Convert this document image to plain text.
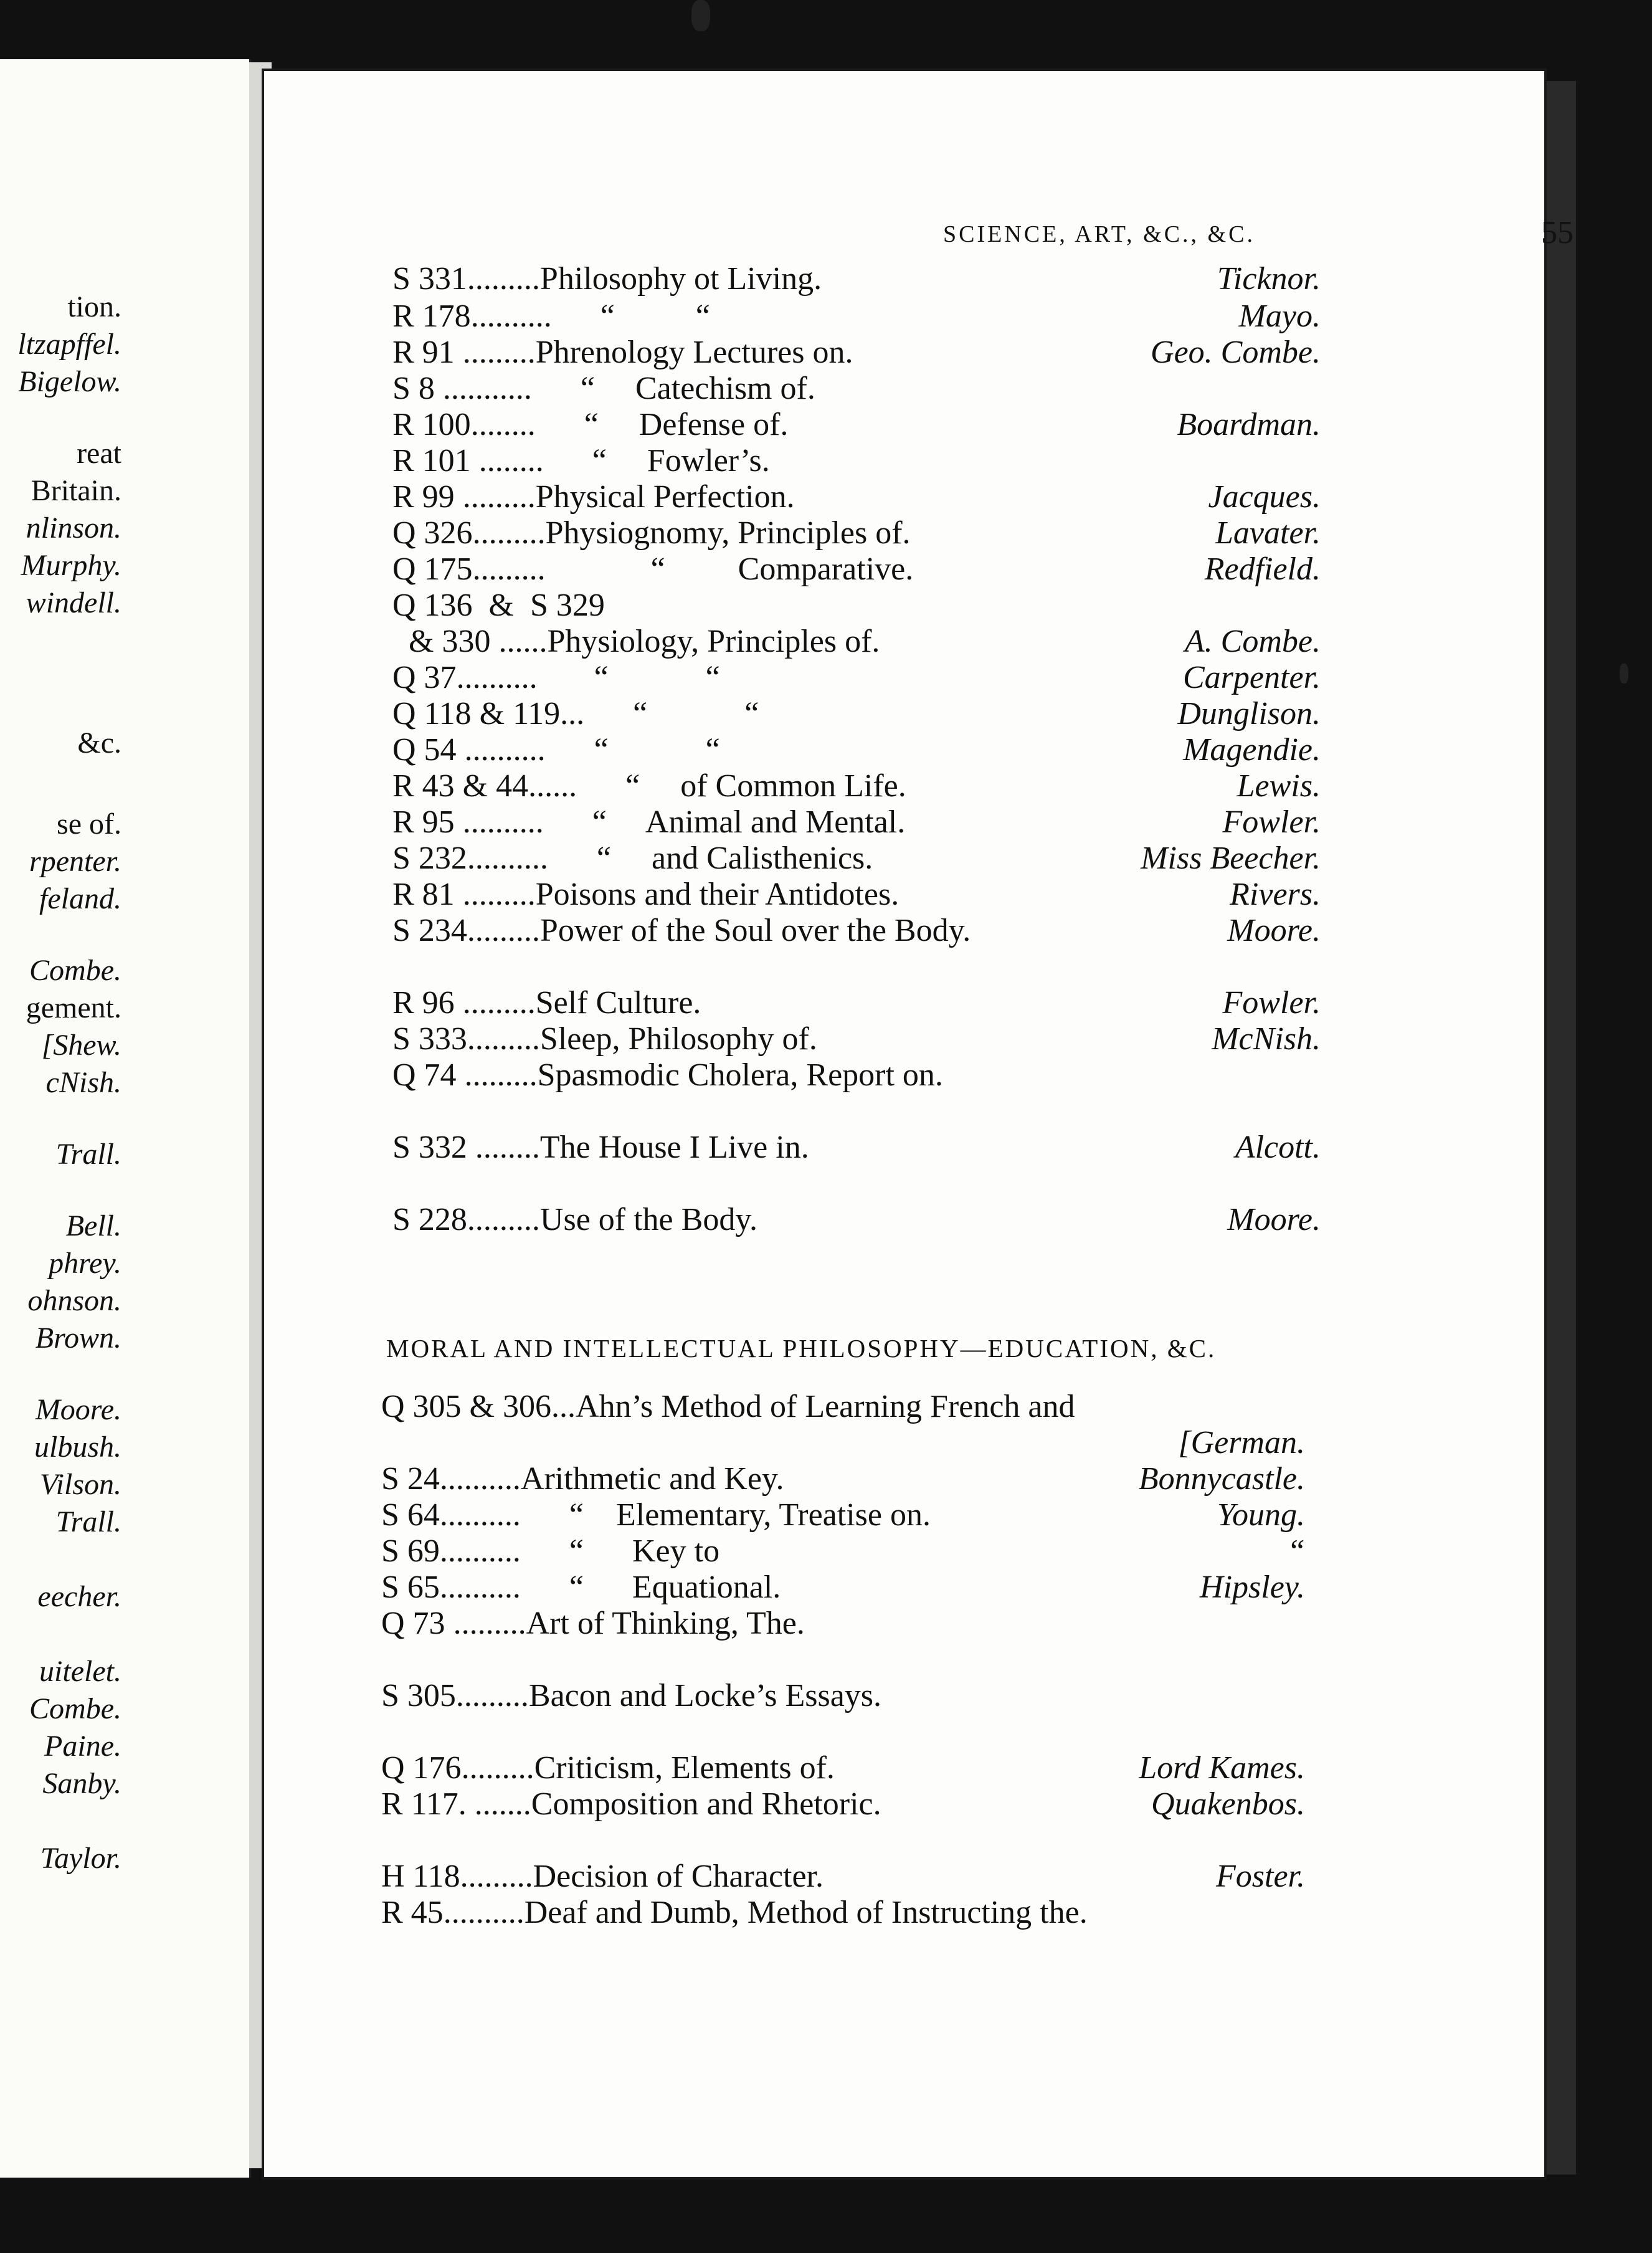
tion.
ltzapffel.
Bigelow.
reat
Britain.
nlinson.
Murphy.
windell.
&c.
se of.
rpenter.
feland.
Combe.
gement.
[Shew.
cNish.
Trall.
Bell.
phrey.
ohnson.
Brown.
Moore.
ulbush.
Vilson.
Trall.
eecher.
uitelet.
Combe.
Paine.
Sanby.
Taylor.
SCIENCE, ART, &C., &C.	55
S 331 .........Philosophy ot Living.	Ticknor.
R 178 ..........      “          “	Mayo.
R 91 .........Phrenology Lectures on.	Geo. Combe.
S 8 ...........      “     Catechism of.
R 100 ........      “     Defense of.	Boardman.
R 101 ........      “     Fowler’s.
R 99 .........Physical Perfection.	Jacques.
Q 326 .........Physiognomy, Principles of.	Lavater.
Q 175 .........             “         Comparative.	Redfield.
Q 136  &  S 329
& 330 ......Physiology, Principles of.	A. Combe.
Q 37 ..........       “            “	Carpenter.
Q 118 & 119 ...      “            “	Dunglison.
Q 54 ..........      “            “	Magendie.
R 43 & 44 ......      “     of Common Life.	Lewis.
R 95 ..........      “     Animal and Mental.	Fowler.
S 232 ..........      “     and Calisthenics.	Miss Beecher.
R 81 .........Poisons and their Antidotes.	Rivers.
S 234 .........Power of the Soul over the Body.	Moore.
R 96 .........Self Culture.	Fowler.
S 333 .........Sleep, Philosophy of.	McNish.
Q 74 .........Spasmodic Cholera, Report on.
S 332 ........The House I Live in.	Alcott.
S 228 .........Use of the Body.	Moore.
Q 305 & 306 ...Ahn’s Method of Learning French and
[German.
S 24 ..........Arithmetic and Key.	Bonnycastle.
S 64 ..........      “    Elementary, Treatise on.	Young.
S 69 ..........      “      Key to	“
S 65 ..........      “      Equational.	Hipsley.
Q 73 .........Art of Thinking, The.
S 305 .........Bacon and Locke’s Essays.
Q 176 .........Criticism, Elements of.	Lord Kames.
R 117. .......Composition and Rhetoric.	Quakenbos.
H 118 .........Decision of Character.	Foster.
R 45 ..........Deaf and Dumb, Method of Instructing the.
MORAL AND INTELLECTUAL PHILOSOPHY—EDUCATION, &C.
